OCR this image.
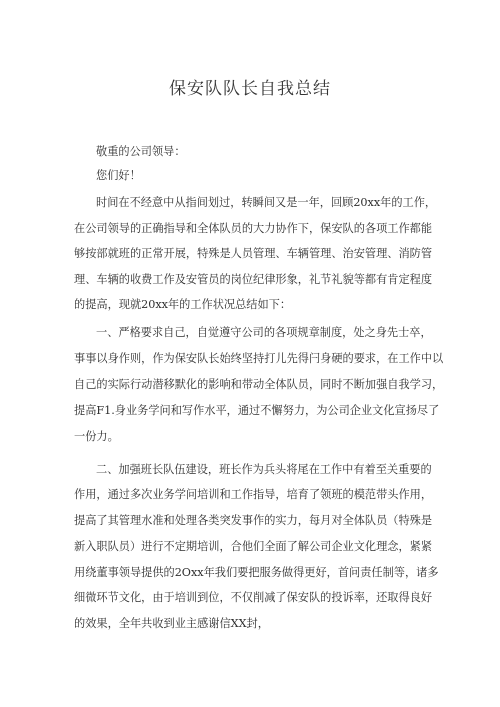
保安队队长自我总结
敬重的公司领导：
您们好！
时间在不经意中从指间划过，转瞬间又是一年，回顾20xx年的工作，
在公司领导的正确指导和全体队员的大力协作下，保安队的各项工作都能
够按部就班的正常开展，特殊是人员管理、车辆管理、治安管理、消防管
理、车辆的收费工作及安管员的岗位纪律形象，礼节礼貌等都有肯定程度
的提高，现就20xx年的工作状况总结如下：
一、严格要求自己，自觉遵守公司的各项规章制度，处之身先士卒，
事事以身作则，作为保安队长始终坚持打儿先得闩身硬的要求，在工作中以
自己的实际行动潜移默化的影响和带动全体队员，同时不断加强自我学习，
提高F1.身业务学问和写作水平，通过不懈努力，为公司企业文化宣扬尽了
一份力。
二、加强班长队伍建设，班长作为兵头将尾在工作中有着至关重要的
作用，通过多次业务学问培训和工作指导，培育了领班的模范带头作用，
提高了其管理水准和处理各类突发事作的实力，每月对全体队员（特殊是
新入职队员）进行不定期培训，合他们全面了解公司企业文化理念，紧紧
用绕董事领导提供的2Oxx年我们要把服务做得更好，首问责任制等，诸多
细微环节文化，由于培训到位，不仅削减了保安队的投诉率，还取得良好
的效果，全年共收到业主感谢信XX封，
